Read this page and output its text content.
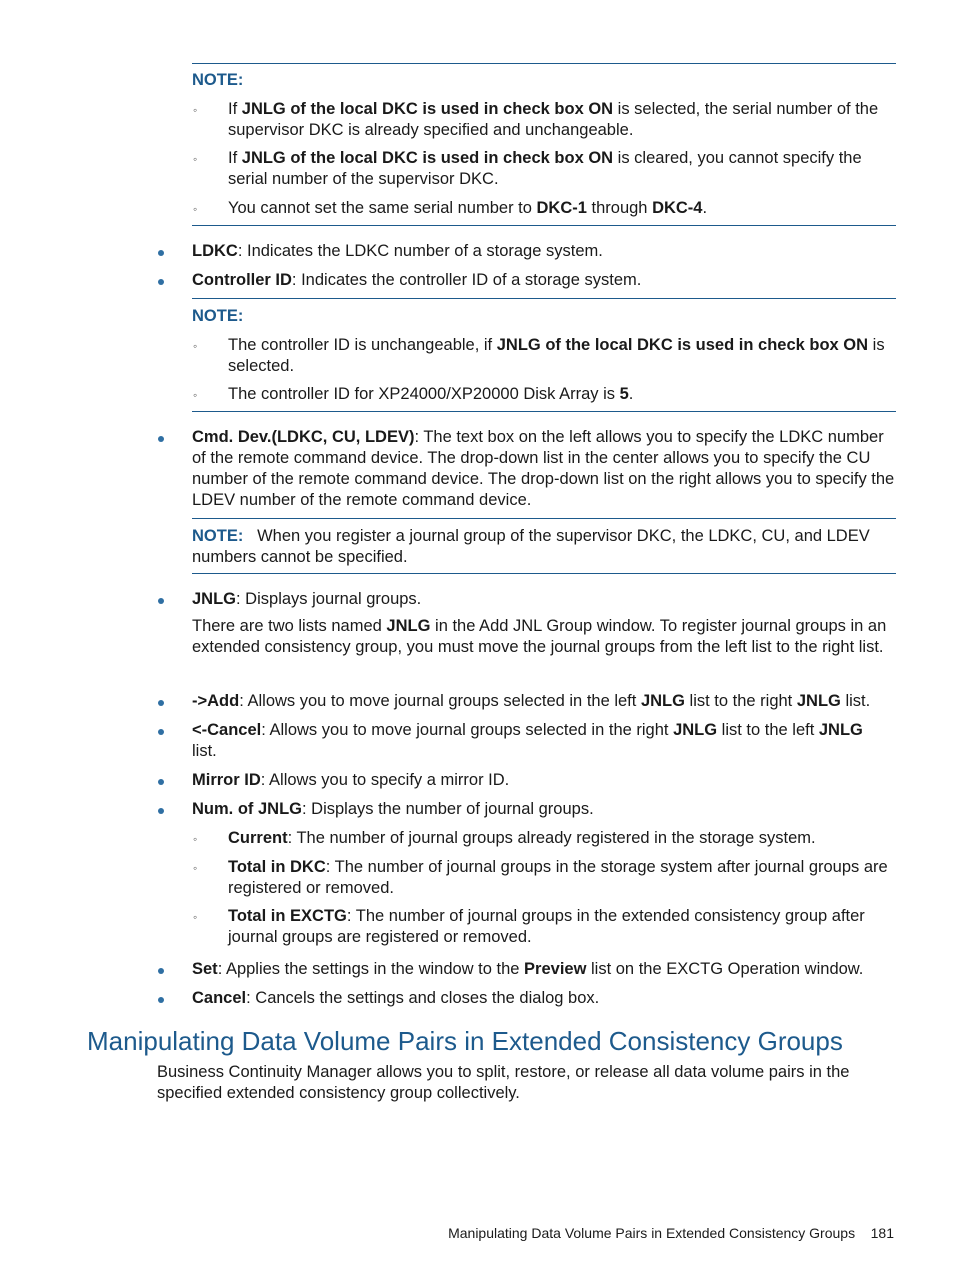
NOTE:
◦	If JNLG of the local DKC is used in check box ON is selected, the serial number of the supervisor DKC is already specified and unchangeable.
◦	If JNLG of the local DKC is used in check box ON is cleared, you cannot specify the serial number of the supervisor DKC.
◦	You cannot set the same serial number to DKC-1 through DKC-4.
LDKC: Indicates the LDKC number of a storage system.
Controller ID: Indicates the controller ID of a storage system.
NOTE:
◦	The controller ID is unchangeable, if JNLG of the local DKC is used in check box ON is selected.
◦	The controller ID for XP24000/XP20000 Disk Array is 5.
Cmd. Dev.(LDKC, CU, LDEV): The text box on the left allows you to specify the LDKC number of the remote command device. The drop-down list in the center allows you to specify the CU number of the remote command device. The drop-down list on the right allows you to specify the LDEV number of the remote command device.
NOTE: When you register a journal group of the supervisor DKC, the LDKC, CU, and LDEV numbers cannot be specified.
JNLG: Displays journal groups.
There are two lists named JNLG in the Add JNL Group window. To register journal groups in an extended consistency group, you must move the journal groups from the left list to the right list.
->Add: Allows you to move journal groups selected in the left JNLG list to the right JNLG list.
<-Cancel: Allows you to move journal groups selected in the right JNLG list to the left JNLG list.
Mirror ID: Allows you to specify a mirror ID.
Num. of JNLG: Displays the number of journal groups.
◦	Current: The number of journal groups already registered in the storage system.
◦	Total in DKC: The number of journal groups in the storage system after journal groups are registered or removed.
◦	Total in EXCTG: The number of journal groups in the extended consistency group after journal groups are registered or removed.
Set: Applies the settings in the window to the Preview list on the EXCTG Operation window.
Cancel: Cancels the settings and closes the dialog box.
Manipulating Data Volume Pairs in Extended Consistency Groups
Business Continuity Manager allows you to split, restore, or release all data volume pairs in the specified extended consistency group collectively.
Manipulating Data Volume Pairs in Extended Consistency Groups 181
